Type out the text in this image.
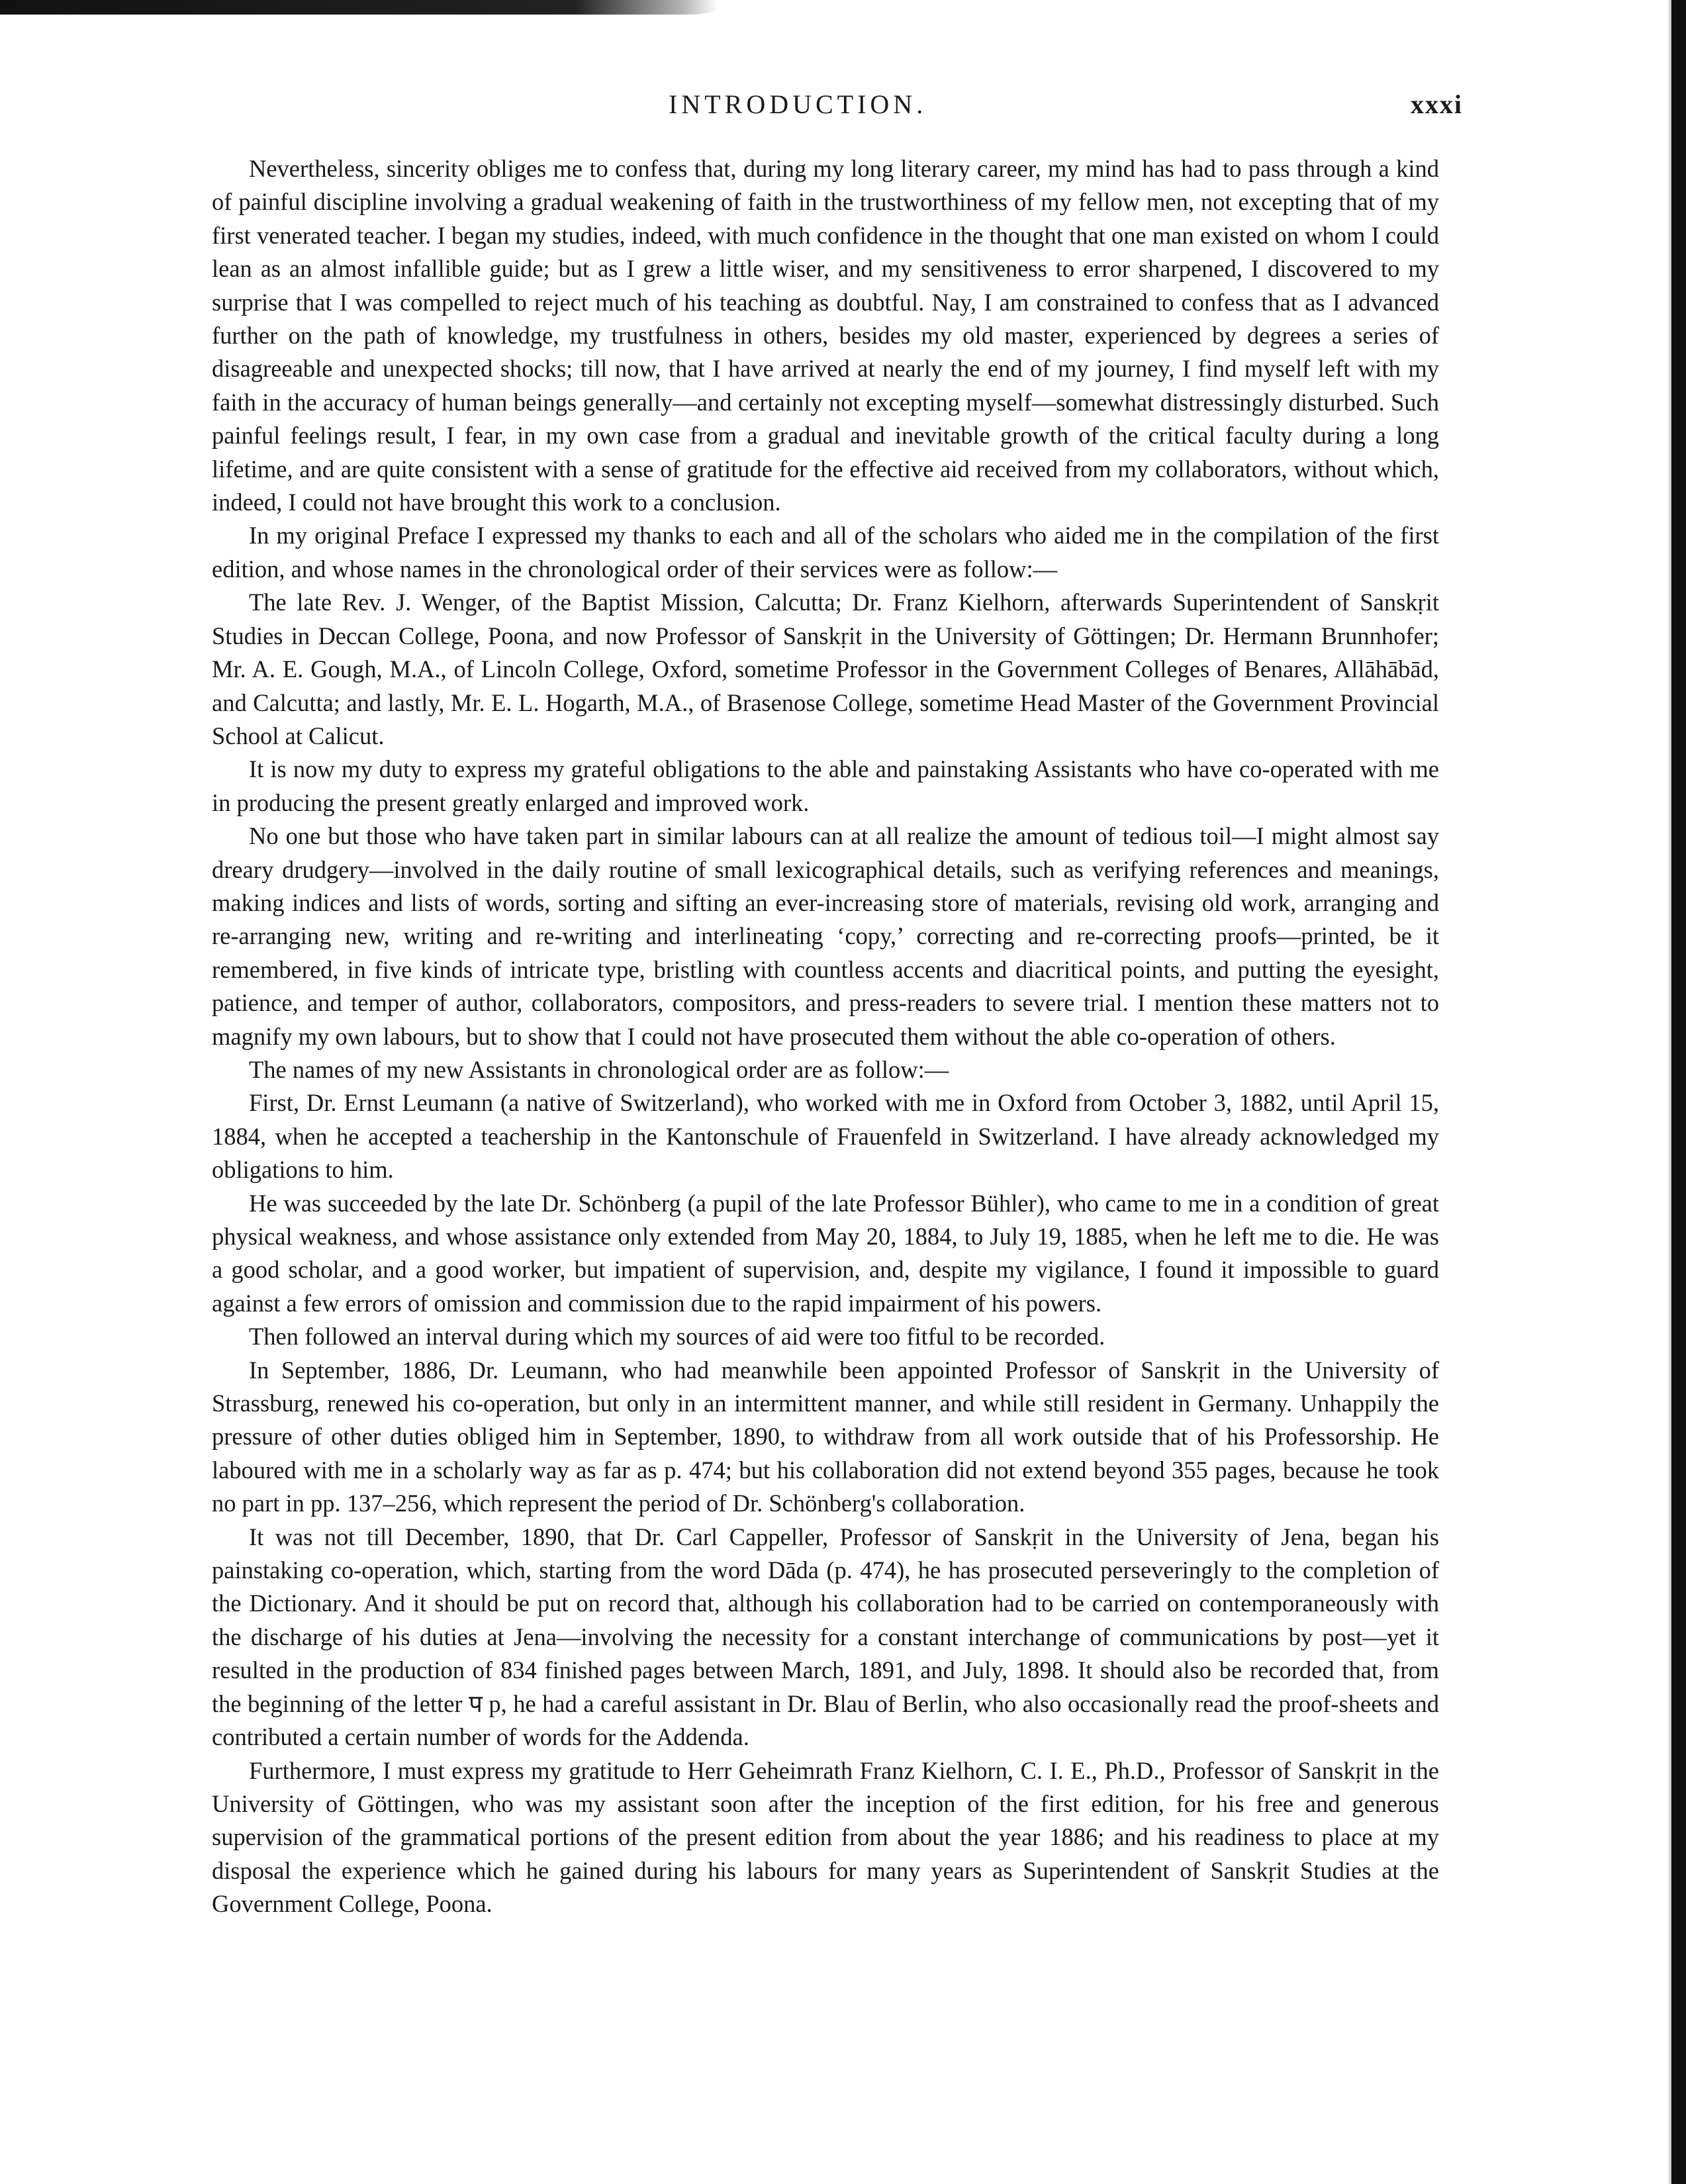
INTRODUCTION.	xxxi

Nevertheless, sincerity obliges me to confess that, during my long literary career, my mind has had to pass through a kind of painful discipline involving a gradual weakening of faith in the trustworthiness of my fellow men, not excepting that of my first venerated teacher. I began my studies, indeed, with much confidence in the thought that one man existed on whom I could lean as an almost infallible guide; but as I grew a little wiser, and my sensitiveness to error sharpened, I discovered to my surprise that I was compelled to reject much of his teaching as doubtful. Nay, I am constrained to confess that as I advanced further on the path of knowledge, my trustfulness in others, besides my old master, experienced by degrees a series of disagreeable and unexpected shocks; till now, that I have arrived at nearly the end of my journey, I find myself left with my faith in the accuracy of human beings generally—and certainly not excepting myself—somewhat distressingly disturbed. Such painful feelings result, I fear, in my own case from a gradual and inevitable growth of the critical faculty during a long lifetime, and are quite consistent with a sense of gratitude for the effective aid received from my collaborators, without which, indeed, I could not have brought this work to a conclusion.

In my original Preface I expressed my thanks to each and all of the scholars who aided me in the compilation of the first edition, and whose names in the chronological order of their services were as follow:—

The late Rev. J. Wenger, of the Baptist Mission, Calcutta; Dr. Franz Kielhorn, afterwards Superintendent of Sanskṛit Studies in Deccan College, Poona, and now Professor of Sanskṛit in the University of Göttingen; Dr. Hermann Brunnhofer; Mr. A. E. Gough, M.A., of Lincoln College, Oxford, sometime Professor in the Government Colleges of Benares, Allāhābād, and Calcutta; and lastly, Mr. E. L. Hogarth, M.A., of Brasenose College, sometime Head Master of the Government Provincial School at Calicut.

It is now my duty to express my grateful obligations to the able and painstaking Assistants who have co-operated with me in producing the present greatly enlarged and improved work.

No one but those who have taken part in similar labours can at all realize the amount of tedious toil—I might almost say dreary drudgery—involved in the daily routine of small lexicographical details, such as verifying references and meanings, making indices and lists of words, sorting and sifting an ever-increasing store of materials, revising old work, arranging and re-arranging new, writing and re-writing and interlineating ‘copy,’ correcting and re-correcting proofs—printed, be it remembered, in five kinds of intricate type, bristling with countless accents and diacritical points, and putting the eyesight, patience, and temper of author, collaborators, compositors, and press-readers to severe trial. I mention these matters not to magnify my own labours, but to show that I could not have prosecuted them without the able co-operation of others.

The names of my new Assistants in chronological order are as follow:—

First, Dr. Ernst Leumann (a native of Switzerland), who worked with me in Oxford from October 3, 1882, until April 15, 1884, when he accepted a teachership in the Kantonschule of Frauenfeld in Switzerland. I have already acknowledged my obligations to him.

He was succeeded by the late Dr. Schönberg (a pupil of the late Professor Bühler), who came to me in a condition of great physical weakness, and whose assistance only extended from May 20, 1884, to July 19, 1885, when he left me to die. He was a good scholar, and a good worker, but impatient of supervision, and, despite my vigilance, I found it impossible to guard against a few errors of omission and commission due to the rapid impairment of his powers.

Then followed an interval during which my sources of aid were too fitful to be recorded.

In September, 1886, Dr. Leumann, who had meanwhile been appointed Professor of Sanskṛit in the University of Strassburg, renewed his co-operation, but only in an intermittent manner, and while still resident in Germany. Unhappily the pressure of other duties obliged him in September, 1890, to withdraw from all work outside that of his Professorship. He laboured with me in a scholarly way as far as p. 474; but his collaboration did not extend beyond 355 pages, because he took no part in pp. 137–256, which represent the period of Dr. Schönberg's collaboration.

It was not till December, 1890, that Dr. Carl Cappeller, Professor of Sanskṛit in the University of Jena, began his painstaking co-operation, which, starting from the word Dāda (p. 474), he has prosecuted perseveringly to the completion of the Dictionary. And it should be put on record that, although his collaboration had to be carried on contemporaneously with the discharge of his duties at Jena—involving the necessity for a constant interchange of communications by post—yet it resulted in the production of 834 finished pages between March, 1891, and July, 1898. It should also be recorded that, from the beginning of the letter प p, he had a careful assistant in Dr. Blau of Berlin, who also occasionally read the proof-sheets and contributed a certain number of words for the Addenda.

Furthermore, I must express my gratitude to Herr Geheimrath Franz Kielhorn, C. I. E., Ph.D., Professor of Sanskṛit in the University of Göttingen, who was my assistant soon after the inception of the first edition, for his free and generous supervision of the grammatical portions of the present edition from about the year 1886; and his readiness to place at my disposal the experience which he gained during his labours for many years as Superintendent of Sanskṛit Studies at the Government College, Poona.
